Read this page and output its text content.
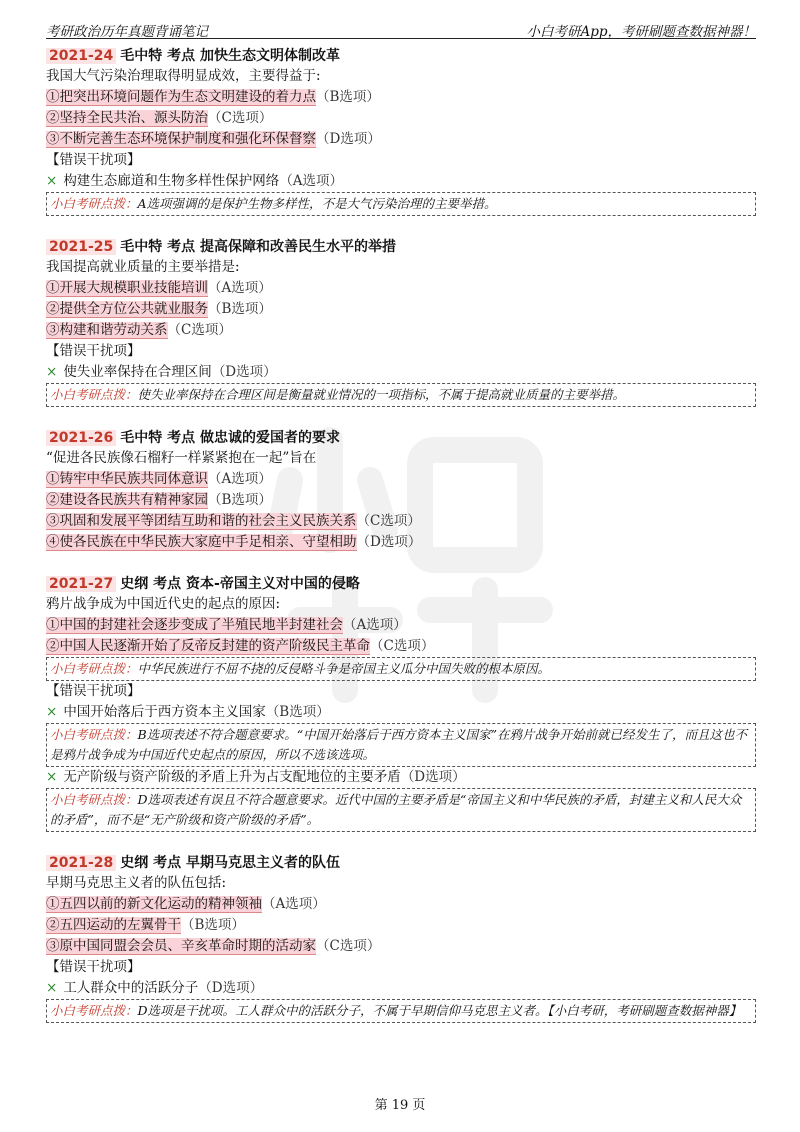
考研政治历年真题背诵笔记	小白考研App，考研刷题查数据神器！
2021-24 毛中特 考点 加快生态文明体制改革
我国大气污染治理取得明显成效，主要得益于:
①把突出环境问题作为生态文明建设的着力点（B选项）
②坚持全民共治、源头防治（C选项）
③不断完善生态环境保护制度和强化环保督察（D选项）
【错误干扰项】
× 构建生态廊道和生物多样性保护网络（A选项）
小白考研点拨：A选项强调的是保护生物多样性，不是大气污染治理的主要举措。
2021-25 毛中特 考点 提高保障和改善民生水平的举措
我国提高就业质量的主要举措是:
①开展大规模职业技能培训（A选项）
②提供全方位公共就业服务（B选项）
③构建和谐劳动关系（C选项）
【错误干扰项】
× 使失业率保持在合理区间（D选项）
小白考研点拨：使失业率保持在合理区间是衡量就业情况的一项指标，不属于提高就业质量的主要举措。
2021-26 毛中特 考点 做忠诚的爱国者的要求
“促进各民族像石榴籽一样紧紧抱在一起”旨在
①铸牢中华民族共同体意识（A选项）
②建设各民族共有精神家园（B选项）
③巩固和发展平等团结互助和谐的社会主义民族关系（C选项）
④使各民族在中华民族大家庭中手足相亲、守望相助（D选项）
2021-27 史纲 考点 资本-帝国主义对中国的侵略
鸦片战争成为中国近代史的起点的原因:
①中国的封建社会逐步变成了半殖民地半封建社会（A选项）
②中国人民逐渐开始了反帝反封建的资产阶级民主革命（C选项）
小白考研点拨：中华民族进行不屈不挠的反侵略斗争是帝国主义瓜分中国失败的根本原因。
【错误干扰项】
× 中国开始落后于西方资本主义国家（B选项）
小白考研点拨：B选项表述不符合题意要求。“中国开始落后于西方资本主义国家”在鸦片战争开始前就已经发生了，而且这也不是鸦片战争成为中国近代史起点的原因，所以不选该选项。
× 无产阶级与资产阶级的矛盾上升为占支配地位的主要矛盾（D选项）
小白考研点拨：D选项表述有误且不符合题意要求。近代中国的主要矛盾是“帝国主义和中华民族的矛盾，封建主义和人民大众的矛盾”，而不是“无产阶级和资产阶级的矛盾”。
2021-28 史纲 考点 早期马克思主义者的队伍
早期马克思主义者的队伍包括:
①五四以前的新文化运动的精神领袖（A选项）
②五四运动的左翼骨干（B选项）
③原中国同盟会会员、辛亥革命时期的活动家（C选项）
【错误干扰项】
× 工人群众中的活跃分子（D选项）
小白考研点拨：D选项是干扰项。工人群众中的活跃分子，不属于早期信仰马克思主义者。【小白考研，考研刷题查数据神器】
第 19 页
